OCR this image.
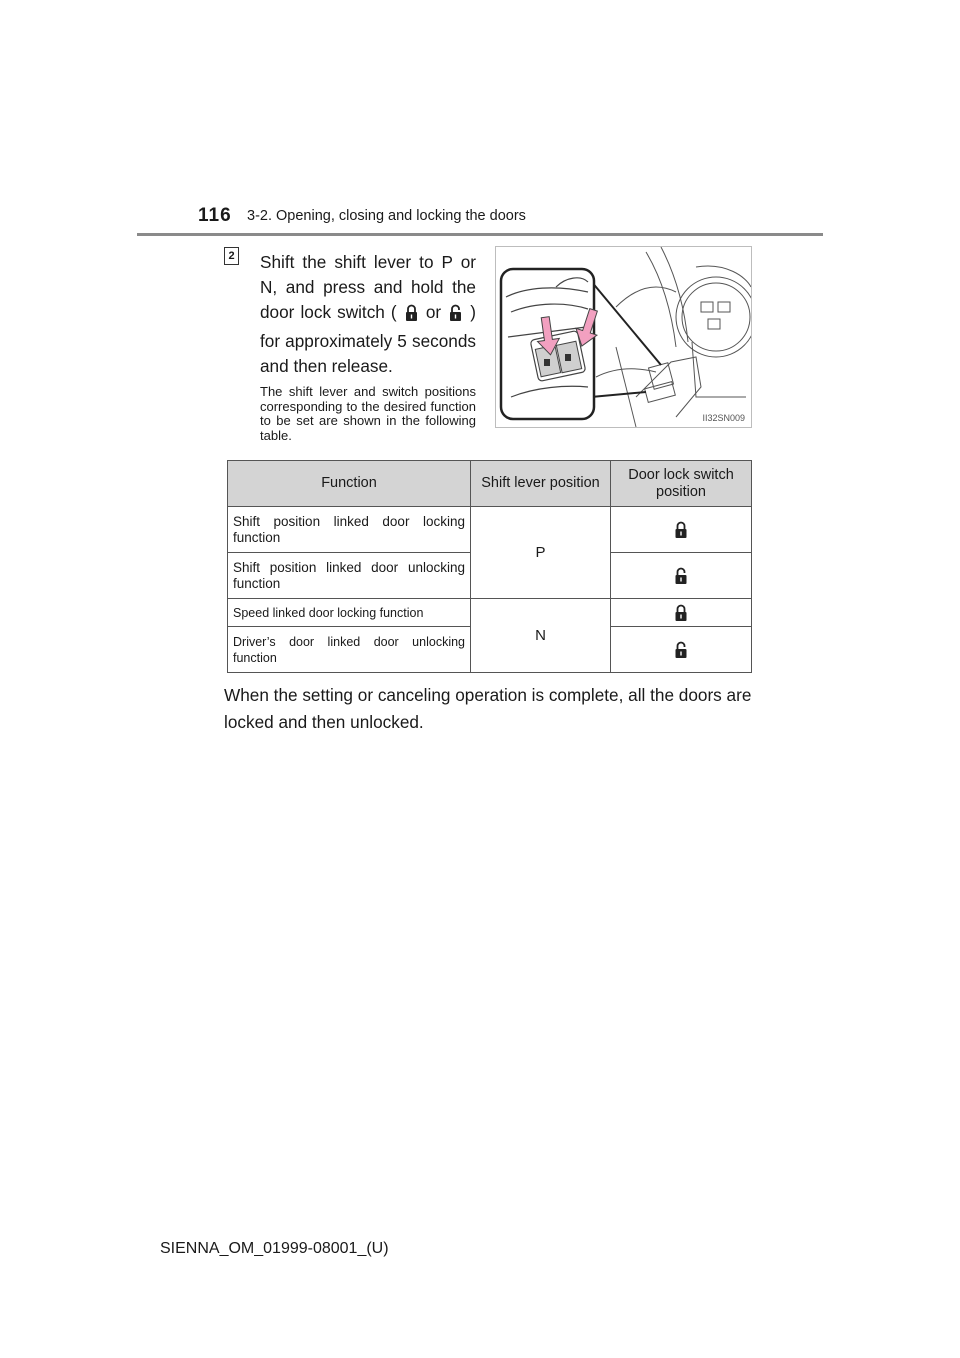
116 3-2. Opening, closing and locking the doors
2 Shift the shift lever to P or N, and press and hold the door lock switch ( or ) for approximately 5 seconds and then release.
The shift lever and switch positions corresponding to the desired function to be set are shown in the following table.
II32SN009
Function	Shift lever position	Door lock switch position
Shift position linked door locking function	P	

Shift position linked door unlocking function	

Speed linked door locking function	N	

Driver’s door linked door unlocking function	
When the setting or canceling operation is complete, all the doors are locked and then unlocked.
SIENNA_OM_01999-08001_(U)
